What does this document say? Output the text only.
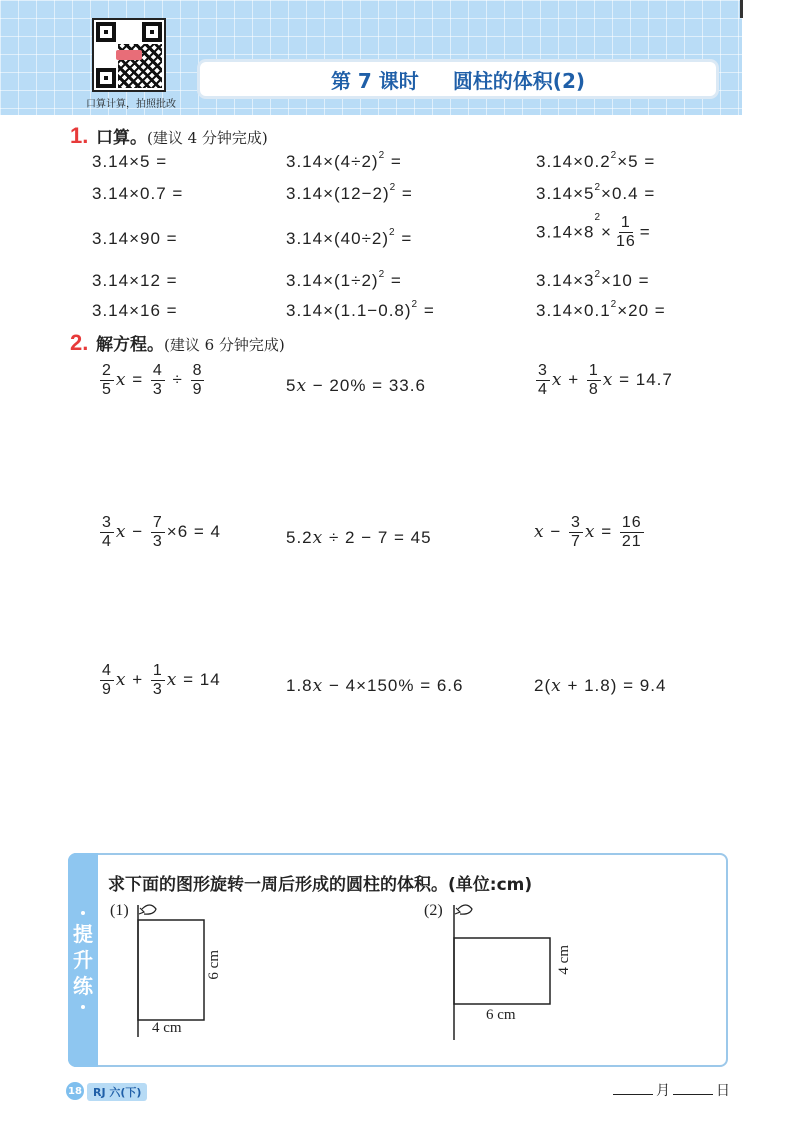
口算计算，拍照批改
第 7 课时 圆柱的体积(2)
1. 口算。 (建议 4 分钟完成)
3.14×5 =	$3.14\times(4\div 2)^2$ =	$3.14\times 0.2^2\times 5$ =
3.14×0.7 =	$3.14\times(12-2)^2$ =	$3.14\times 5^2\times 0.4$ =
3.14×90 =	$3.14\times(40\div 2)^2$ =	$3.14\times 8^2\times \frac{1}{16}$ =
3.14×12 =	$3.14\times(1\div 2)^2$ =	$3.14\times 3^2\times 10$ =
3.14×16 =	$3.14\times(1.1-0.8)^2$ =	$3.14\times 0.1^2\times 20$ =
2. 解方程。 (建议 6 分钟完成)
$\frac{2}{5}$ $x = \frac{4}{3} \div \frac{8}{9}$	5x − 20% = 33.6	$\frac{3}{4}$ $x + \frac{1}{8}$ x = 14.7
$\frac{3}{4}$ $x - \frac{7}{3} \times 6 = 4$	5.2x ÷ 2 − 7 = 45	$x - \frac{3}{7}$ $x = \frac{16}{21}$
$\frac{4}{9}$ $x + \frac{1}{3}$ x = 14	1.8x − 4×150% = 6.6	2(x + 1.8) = 9.4
提
升
练
求下面的图形旋转一周后形成的圆柱的体积。(单位:cm)
(1)
6 cm
4 cm
(2)
4 cm
6 cm
18	RJ 六(下)	月	日
